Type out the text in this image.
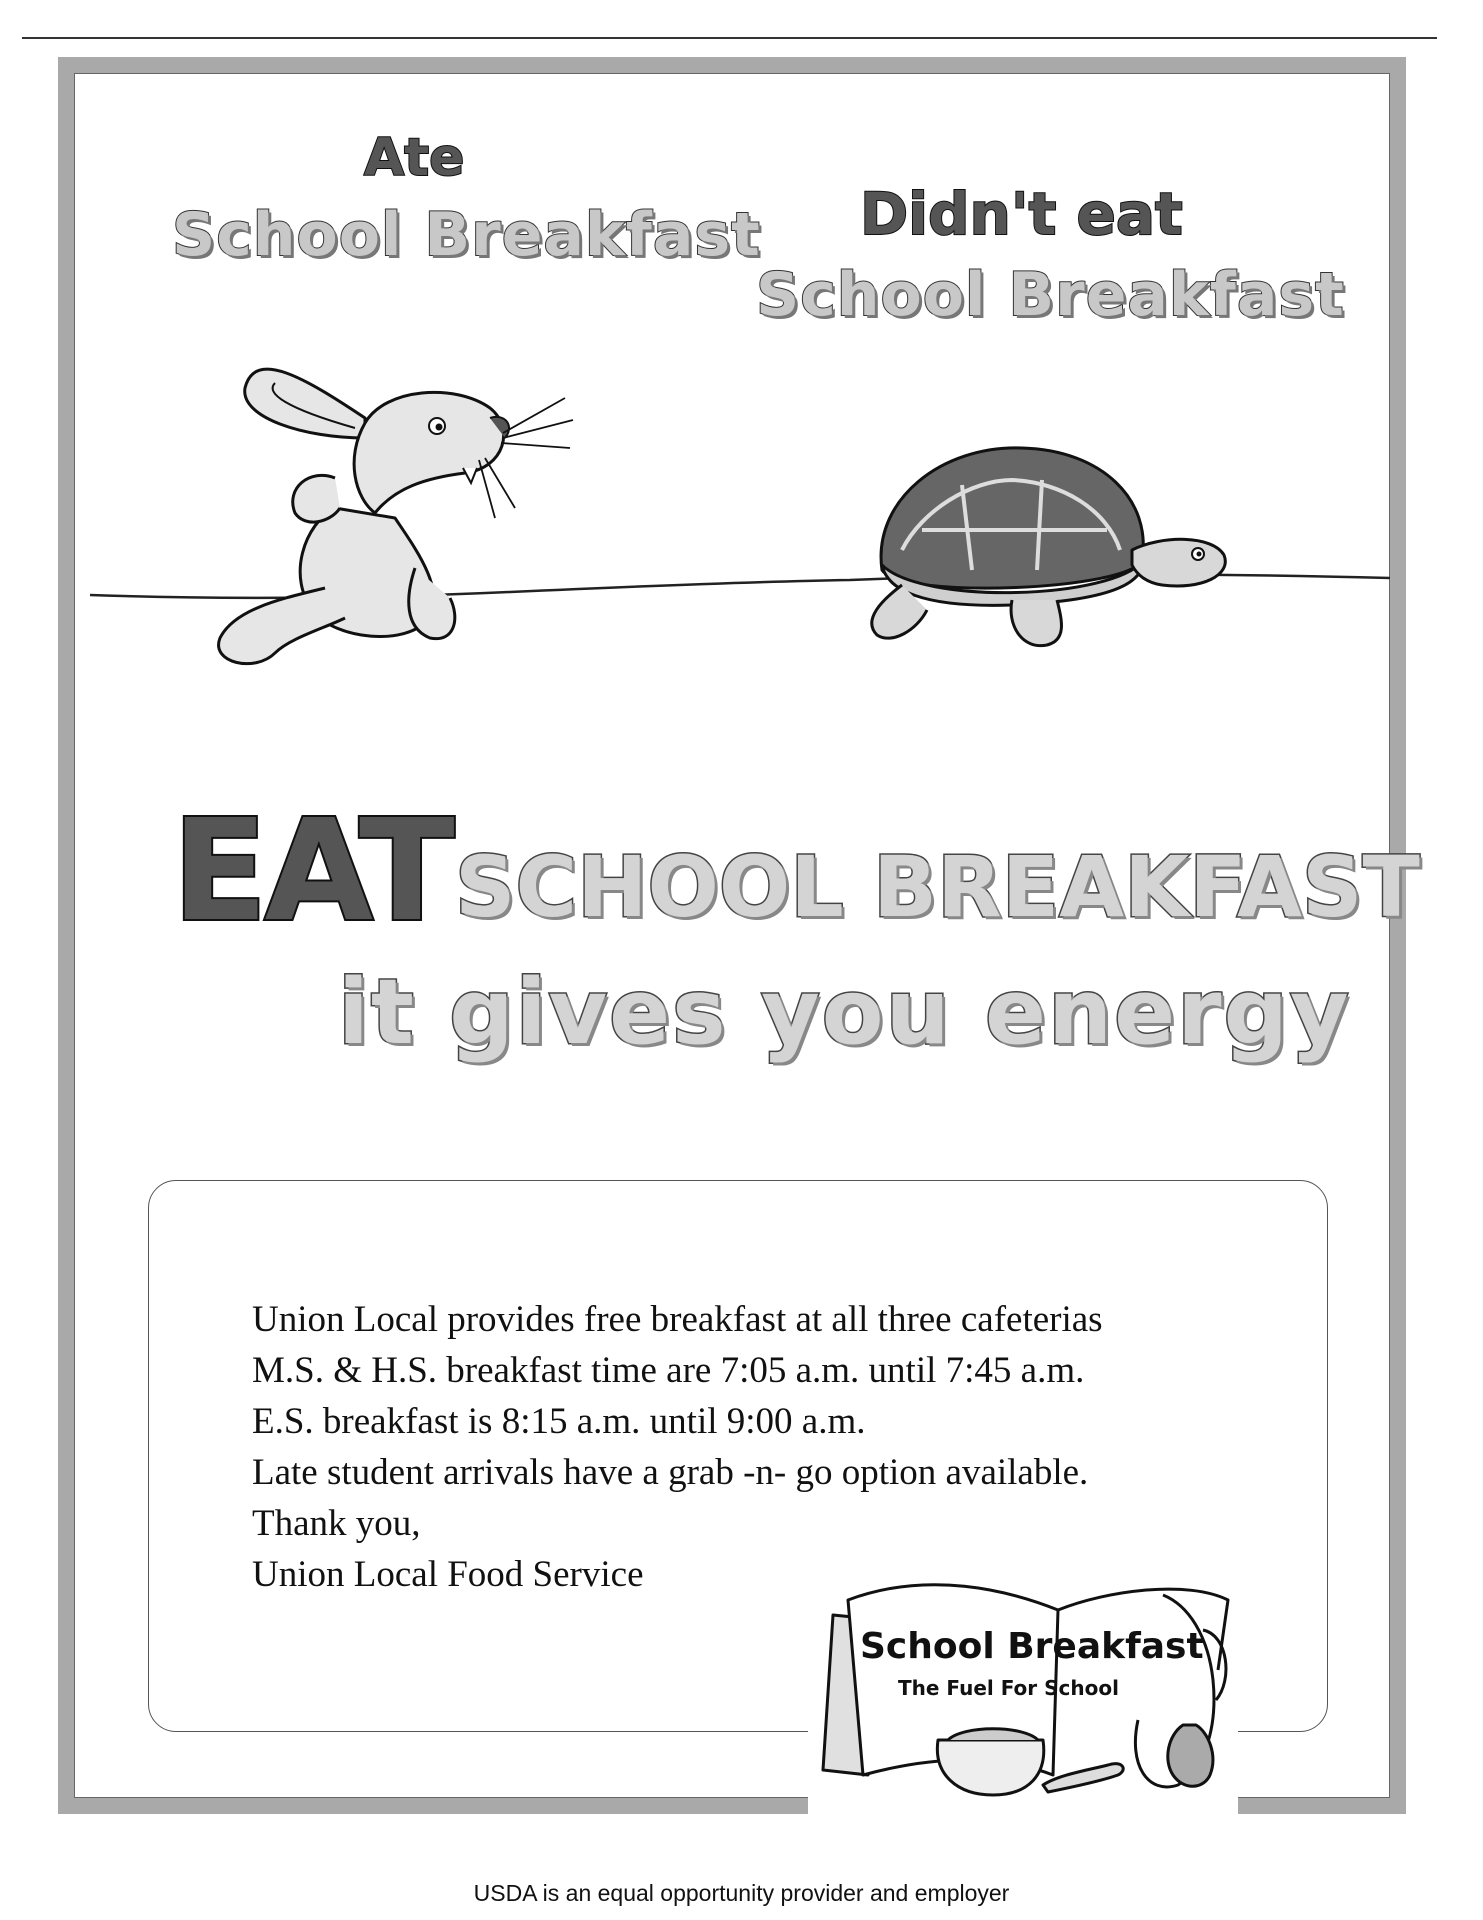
Ate
School Breakfast Didn't eat
School Breakfast
EAT SCHOOL BREAKFAST
it gives you energy
Union Local provides free breakfast at all three cafeterias
M.S. & H.S. breakfast time are 7:05 a.m. until 7:45 a.m.
E.S. breakfast is 8:15 a.m. until 9:00 a.m.
Late student arrivals have a grab -n- go option available.
Thank you,
Union Local Food Service
School Breakfast
The Fuel For School
USDA is an equal opportunity provider and employer
